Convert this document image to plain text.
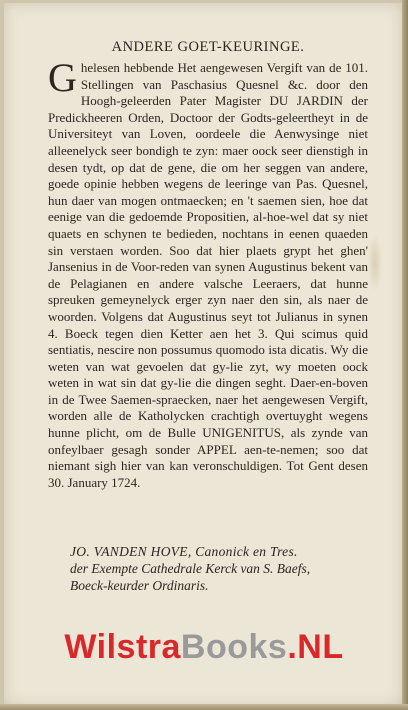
ANDERE GOET-KEURINGE.

Ghelesen hebbende Het aengewesen Vergift van de 101. Stellingen van Paschasius Quesnel &c. door den Hoogh-geleerden Pater Magister DU JARDIN der Predickheeren Orden, Doctoor der Godts-geleertheyt in de Universiteyt van Loven, oordeele die Aenwysinge niet alleenelyck seer bondigh te zyn: maer oock seer dienstigh in desen tydt, op dat de gene, die om her seggen van andere, goede opinie hebben wegens de leeringe van Pas. Quesnel, hun daer van mogen ontmaecken; en 't saemen sien, hoe dat eenige van die gedoemde Propositien, al-hoe-wel dat sy niet quaets en schynen te bedieden, nochtans in eenen quaeden sin verstaen worden. Soo dat hier plaets grypt het ghen' Jansenius in de Voor-reden van synen Augustinus bekent van de Pelagianen en andere valsche Leeraers, dat hunne spreuken gemeynelyck erger zyn naer den sin, als naer de woorden. Volgens dat Augustinus seyt tot Julianus in synen 4. Boeck tegen dien Ketter aen het 3. Qui scimus quid sentiatis, nescire non possumus quomodo ista dicatis. Wy die weten van wat gevoelen dat gy-lie zyt, wy moeten oock weten in wat sin dat gy-lie die dingen seght. Daer-en-boven in de Twee Saemen-spraecken, naer het aengewesen Vergift, worden alle de Katholycken crachtigh overtuyght wegens hunne plicht, om de Bulle UNIGENITUS, als zynde van onfeylbaer gesagh sonder APPEL aen-te-nemen; soo dat niemant sigh hier van kan veronschuldigen. Tot Gent desen 30. January 1724.

JO. VANDEN HOVE, Canonick en Tres.
der Exempte Cathedrale Kerck van S. Baefs,
Boeck-keurder Ordinaris.
WilstraBooks.NL
